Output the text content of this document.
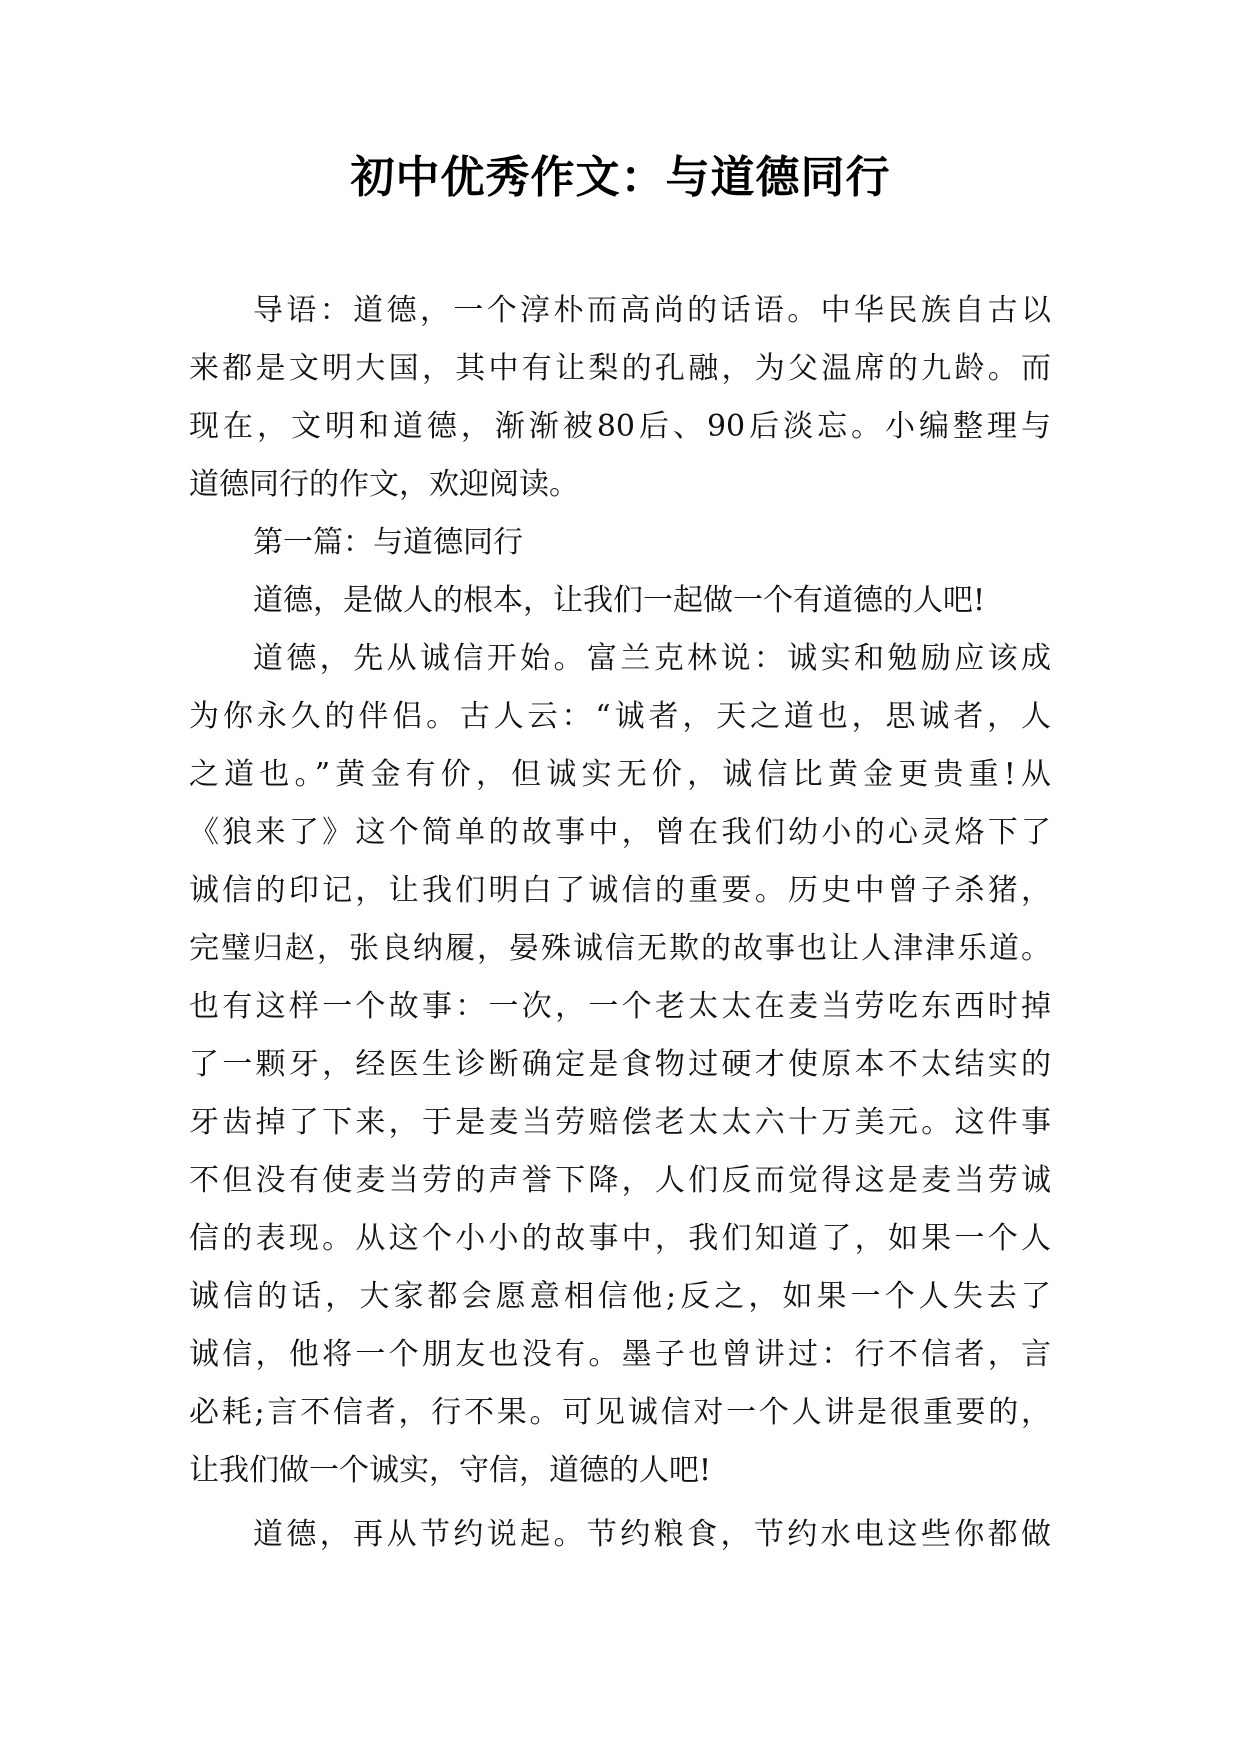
初中优秀作文：与道德同行
导语：道德，一个淳朴而高尚的话语。中华民族自古以
来都是文明大国，其中有让梨的孔融，为父温席的九龄。而
现在，文明和道德，渐渐被80后、90后淡忘。小编整理与
道德同行的作文，欢迎阅读。
第一篇：与道德同行
道德，是做人的根本，让我们一起做一个有道德的人吧!
道德，先从诚信开始。富兰克林说：诚实和勉励应该成
为你永久的伴侣。古人云：“诚者，天之道也，思诚者，人
之道也。”黄金有价，但诚实无价，诚信比黄金更贵重!从
《狼来了》这个简单的故事中，曾在我们幼小的心灵烙下了
诚信的印记，让我们明白了诚信的重要。历史中曾子杀猪，
完璧归赵，张良纳履，晏殊诚信无欺的故事也让人津津乐道。
也有这样一个故事：一次，一个老太太在麦当劳吃东西时掉
了一颗牙，经医生诊断确定是食物过硬才使原本不太结实的
牙齿掉了下来，于是麦当劳赔偿老太太六十万美元。这件事
不但没有使麦当劳的声誉下降，人们反而觉得这是麦当劳诚
信的表现。从这个小小的故事中，我们知道了，如果一个人
诚信的话，大家都会愿意相信他;反之，如果一个人失去了
诚信，他将一个朋友也没有。墨子也曾讲过：行不信者，言
必耗;言不信者，行不果。可见诚信对一个人讲是很重要的，
让我们做一个诚实，守信，道德的人吧!
道德，再从节约说起。节约粮食，节约水电这些你都做
